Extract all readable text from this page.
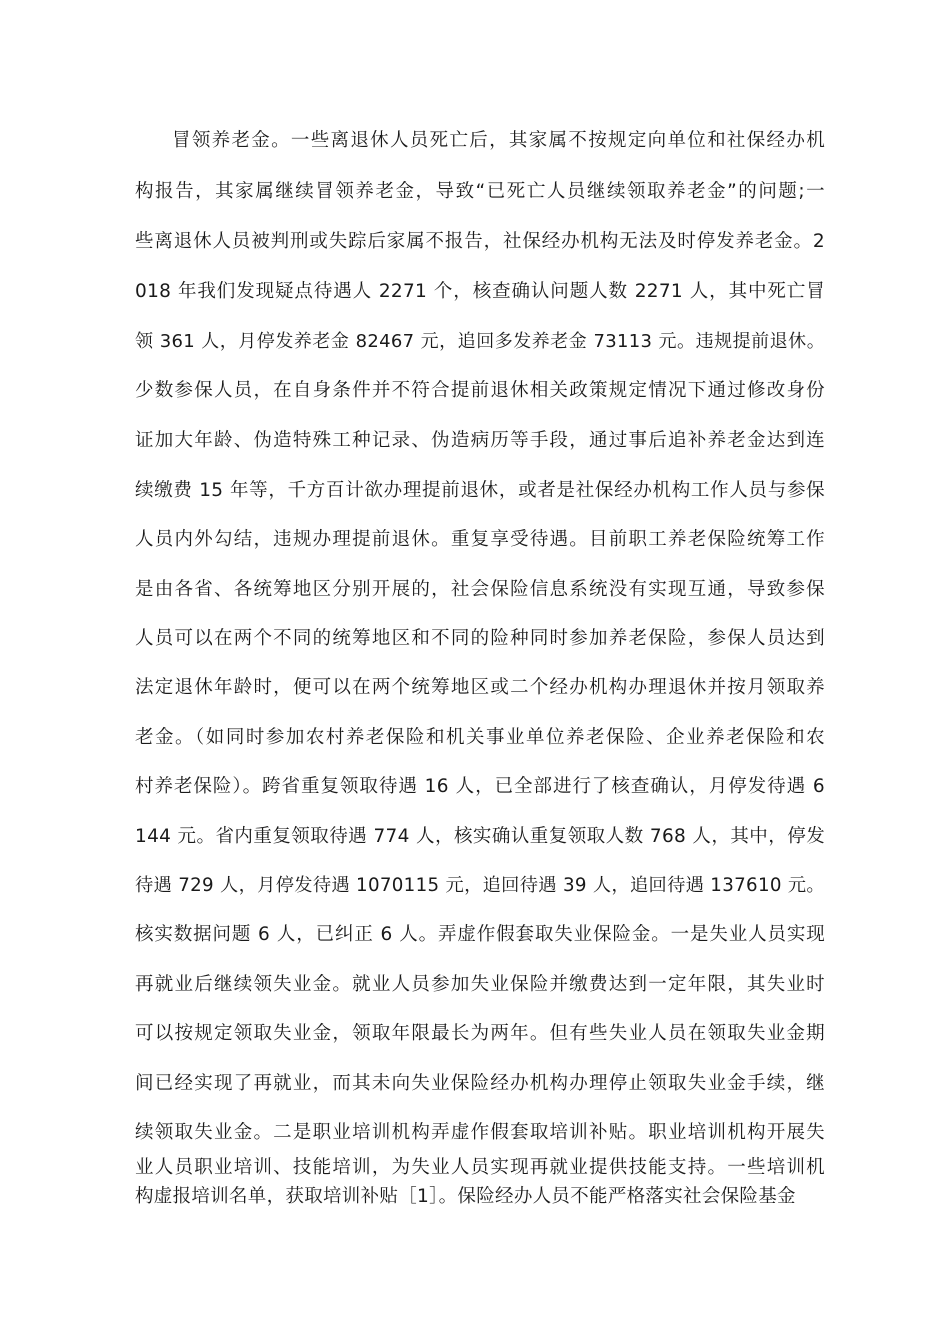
冒领养老金。一些离退休人员死亡后，其家属不按规定向单位和社保经办机
构报告，其家属继续冒领养老金，导致“已死亡人员继续领取养老金”的问题;一
些离退休人员被判刑或失踪后家属不报告，社保经办机构无法及时停发养老金。2
018 年我们发现疑点待遇人 2271 个，核查确认问题人数 2271 人，其中死亡冒
领 361 人，月停发养老金 82467 元，追回多发养老金 73113 元。违规提前退休。
少数参保人员，在自身条件并不符合提前退休相关政策规定情况下通过修改身份
证加大年龄、伪造特殊工种记录、伪造病历等手段，通过事后追补养老金达到连
续缴费 15 年等，千方百计欲办理提前退休，或者是社保经办机构工作人员与参保
人员内外勾结，违规办理提前退休。重复享受待遇。目前职工养老保险统筹工作
是由各省、各统筹地区分别开展的，社会保险信息系统没有实现互通，导致参保
人员可以在两个不同的统筹地区和不同的险种同时参加养老保险，参保人员达到
法定退休年龄时，便可以在两个统筹地区或二个经办机构办理退休并按月领取养
老金。（如同时参加农村养老保险和机关事业单位养老保险、企业养老保险和农
村养老保险）。跨省重复领取待遇 16 人，已全部进行了核查确认，月停发待遇 6
144 元。省内重复领取待遇 774 人，核实确认重复领取人数 768 人，其中，停发
待遇 729 人，月停发待遇 1070115 元，追回待遇 39 人，追回待遇 137610 元。
核实数据问题 6 人，已纠正 6 人。弄虚作假套取失业保险金。一是失业人员实现
再就业后继续领失业金。就业人员参加失业保险并缴费达到一定年限，其失业时
可以按规定领取失业金，领取年限最长为两年。但有些失业人员在领取失业金期
间已经实现了再就业，而其未向失业保险经办机构办理停止领取失业金手续，继
续领取失业金。二是职业培训机构弄虚作假套取培训补贴。职业培训机构开展失
业人员职业培训、技能培训，为失业人员实现再就业提供技能支持。一些培训机
构虚报培训名单，获取培训补贴［1］。保险经办人员不能严格落实社会保险基金
